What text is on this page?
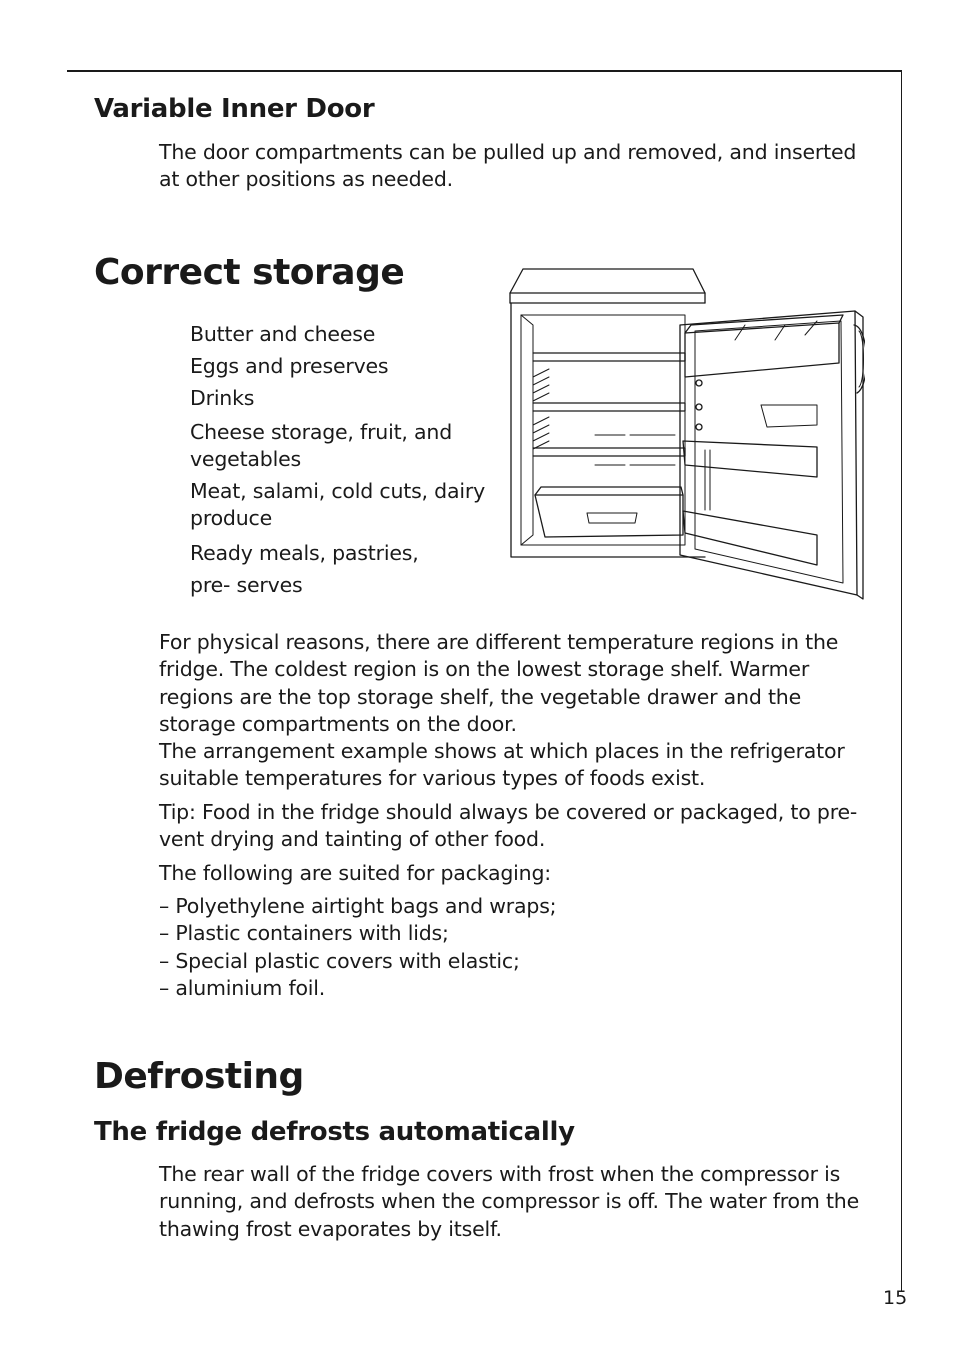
Variable Inner Door

The door compartments can be pulled up and removed, and inserted at other positions as needed.

Correct storage
Butter and cheese
Eggs and preserves
Drinks
Cheese storage, fruit, and vegetables
Meat, salami, cold cuts, dairy produce
Ready meals, pastries, pre- serves

For physical reasons, there are different temperature regions in the fridge. The coldest region is on the lowest storage shelf. Warmer regions are the top storage shelf, the vegetable drawer and the storage compartments on the door.

The arrangement example shows at which places in the refrigerator suitable temperatures for various types of foods exist.

Tip: Food in the fridge should always be covered or packaged, to pre- vent drying and tainting of other food.

The following are suited for packaging:

– Polyethylene airtight bags and wraps;
– Plastic containers with lids;
– Special plastic covers with elastic;
– aluminium foil.
Defrosting
The fridge defrosts automatically

The rear wall of the fridge covers with frost when the compressor is running, and defrosts when the compressor is off. The water from the thawing frost evaporates by itself.

15
